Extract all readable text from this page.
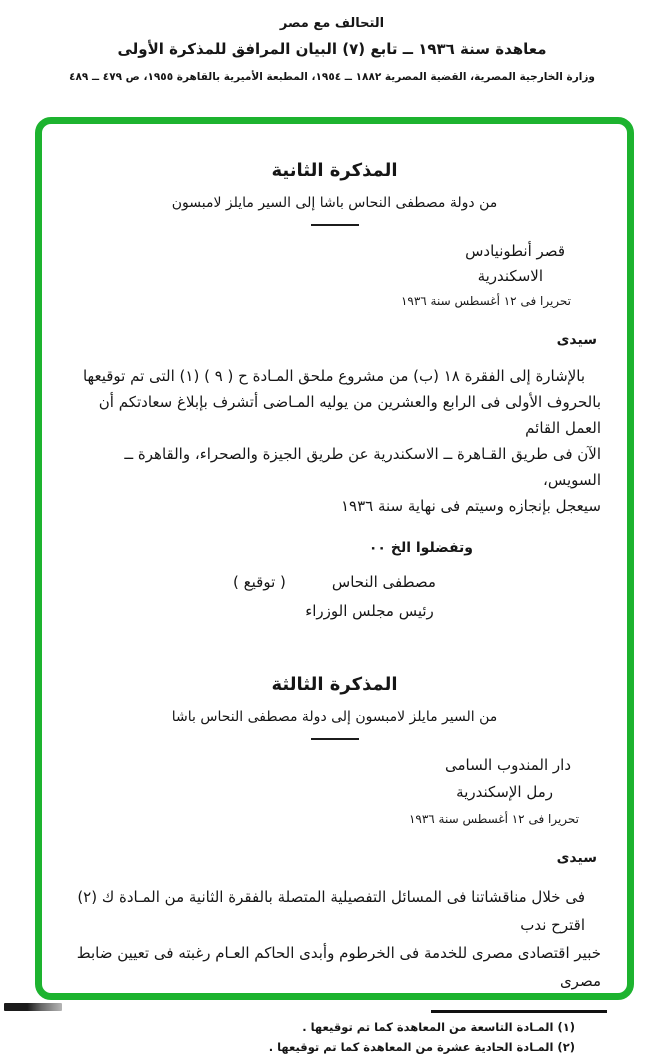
التحالف مع مصر
معاهدة سنة ١٩٣٦ ــ تابع (٧) البيان المرافق للمذكرة الأولى
وزارة الخارجية المصرية، القضية المصرية ١٨٨٢ ــ ١٩٥٤، المطبعة الأميرية بالقاهرة ١٩٥٥، ص ٤٧٩ ــ ٤٨٩
المذكرة الثانية
من دولة مصطفى النحاس باشا إلى السير مايلز لامبسون
قصر أنطونيادس
الاسكندرية
تحريرا فى ١٢ أغسطس سنة ١٩٣٦
سيدى
بالإشارة إلى الفقرة ١٨ (ب) من مشروع ملحق المـادة ح ( ٩ ) (١) التى تم توقيعها
بالحروف الأولى فى الرابع والعشرين من يوليه المـاضى أتشرف بإبلاغ سعادتكم أن العمل القائم
الآن فى طريق القـاهرة ــ الاسكندرية عن طريق الجيزة والصحراء، والقاهرة ــ السويس،
سيعجل بإنجازه وسيتم فى نهاية سنة ١٩٣٦
وتفضلوا الخ ٠٠
مصطفى النحاس
( توقيع )
رئيس مجلس الوزراء
المذكرة الثالثة
من السير مايلز لامبسون إلى دولة مصطفى النحاس باشا
دار المندوب السامى
رمل الإسكندرية
تحريرا فى ١٢ أغسطس سنة ١٩٣٦
سيدى
فى خلال مناقشاتنا فى المسائل التفصيلية المتصلة بالفقرة الثانية من المـادة ك (٢) اقترح ندب
خبير اقتصادى مصرى للخدمة فى الخرطوم وأبدى الحاكم العـام رغبته فى تعيين ضابط مصرى
(١) المـادة التاسعة من المعاهدة كما تم توقيعها .
(٢) المـادة الحادية عشرة من المعاهدة كما تم توقيعها .
